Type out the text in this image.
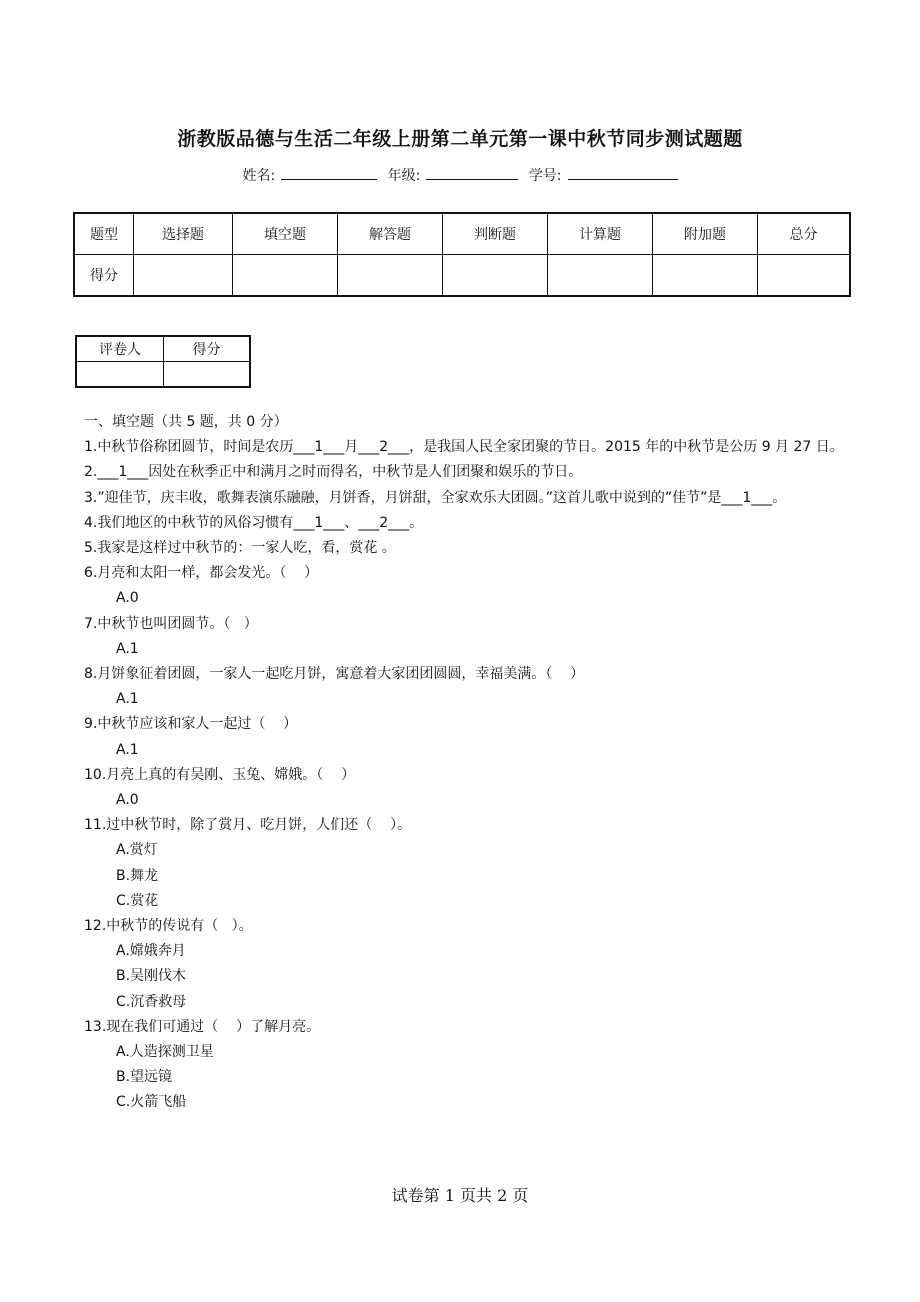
浙教版品德与生活二年级上册第二单元第一课中秋节同步测试题题
姓名:	年级:	学号:
题型	选择题	填空题	解答题	判断题	计算题	附加题	总分
得分							
评卷人	得分

一、填空题（共 5 题，共 0 分）
1.中秋节俗称团圆节，时间是农历___1___月___2___，是我国人民全家团聚的节日。2015 年的中秋节是公历 9 月 27 日。
2.___1___因处在秋季正中和满月之时而得名，中秋节是人们团聚和娱乐的节日。
3.”迎佳节，庆丰收，歌舞表演乐融融，月饼香，月饼甜，全家欢乐大团圆。”这首儿歌中说到的”佳节”是___1___。
4.我们地区的中秋节的风俗习惯有___1___、___2___。
5.我家是这样过中秋节的：一家人吃，看，赏花 。
6.月亮和太阳一样，都会发光。（    ）
A.0
7.中秋节也叫团圆节。（   ）
A.1
8.月饼象征着团圆，一家人一起吃月饼，寓意着大家团团圆圆，幸福美满。（    ）
A.1
9.中秋节应该和家人一起过（    ）
A.1
10.月亮上真的有吴刚、玉兔、嫦娥。（    ）
A.0
11.过中秋节时，除了赏月、吃月饼，人们还（    ）。
A.赏灯
B.舞龙
C.赏花
12.中秋节的传说有（   ）。
A.嫦娥奔月
B.吴刚伐木
C.沉香救母
13.现在我们可通过（    ）了解月亮。
A.人造探测卫星
B.望远镜
C.火箭飞船
试卷第 1 页共 2 页
